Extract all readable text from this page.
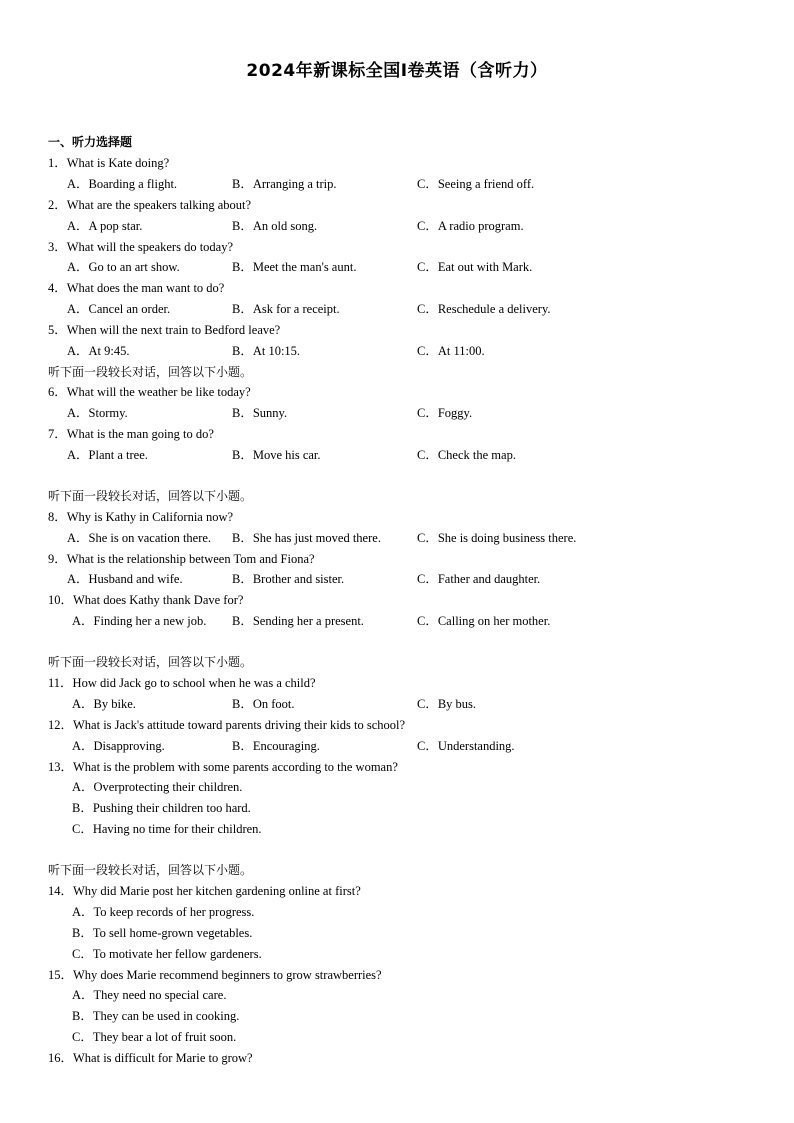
2024年新课标全国Ⅰ卷英语（含听力）
一、听力选择题
1．What is Kate doing?
A．Boarding a flight.	B．Arranging a trip.	C．Seeing a friend off.
2．What are the speakers talking about?
A．A pop star.	B．An old song.	C．A radio program.
3．What will the speakers do today?
A．Go to an art show.	B．Meet the man's aunt.	C．Eat out with Mark.
4．What does the man want to do?
A．Cancel an order.	B．Ask for a receipt.	C．Reschedule a delivery.
5．When will the next train to Bedford leave?
A．At 9:45.	B．At 10:15.	C．At 11:00.
听下面一段较长对话，回答以下小题。
6．What will the weather be like today?
A．Stormy.	B．Sunny.	C．Foggy.
7．What is the man going to do?
A．Plant a tree.	B．Move his car.	C．Check the map.
听下面一段较长对话，回答以下小题。
8．Why is Kathy in California now?
A．She is on vacation there. B．She has just moved there.	C．She is doing business there.
9．What is the relationship between Tom and Fiona?
A．Husband and wife.	B．Brother and sister.	C．Father and daughter.
10．What does Kathy thank Dave for?
A．Finding her a new job. B．Sending her a present.	C．Calling on her mother.
听下面一段较长对话，回答以下小题。
11．How did Jack go to school when he was a child?
A．By bike.	B．On foot.	C．By bus.
12．What is Jack's attitude toward parents driving their kids to school?
A．Disapproving.	B．Encouraging.	C．Understanding.
13．What is the problem with some parents according to the woman?
A．Overprotecting their children.
B．Pushing their children too hard.
C．Having no time for their children.
听下面一段较长对话，回答以下小题。
14．Why did Marie post her kitchen gardening online at first?
A．To keep records of her progress.
B．To sell home-grown vegetables.
C．To motivate her fellow gardeners.
15．Why does Marie recommend beginners to grow strawberries?
A．They need no special care.
B．They can be used in cooking.
C．They bear a lot of fruit soon.
16．What is difficult for Marie to grow?
